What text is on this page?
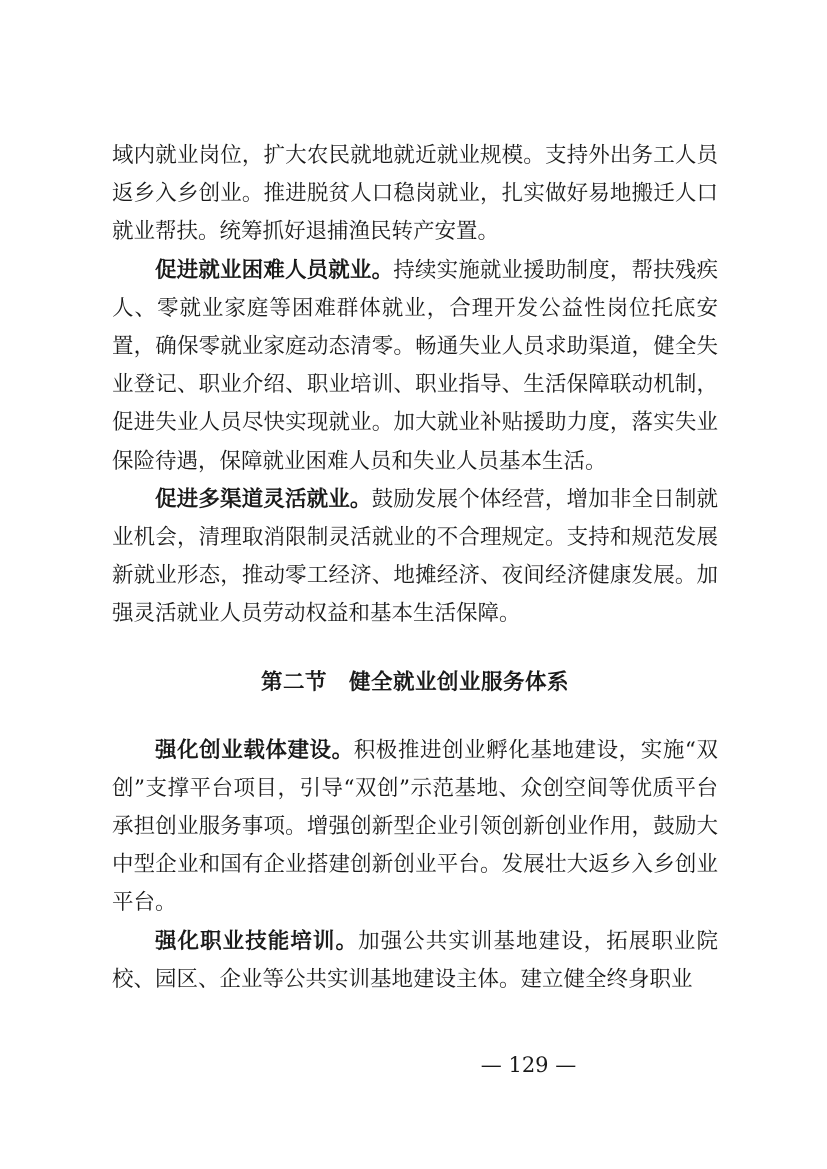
域内就业岗位，扩大农民就地就近就业规模。支持外出务工人员返乡入乡创业。推进脱贫人口稳岗就业，扎实做好易地搬迁人口就业帮扶。统筹抓好退捕渔民转产安置。

促进就业困难人员就业。持续实施就业援助制度，帮扶残疾人、零就业家庭等困难群体就业，合理开发公益性岗位托底安置，确保零就业家庭动态清零。畅通失业人员求助渠道，健全失业登记、职业介绍、职业培训、职业指导、生活保障联动机制，促进失业人员尽快实现就业。加大就业补贴援助力度，落实失业保险待遇，保障就业困难人员和失业人员基本生活。

促进多渠道灵活就业。鼓励发展个体经营，增加非全日制就业机会，清理取消限制灵活就业的不合理规定。支持和规范发展新就业形态，推动零工经济、地摊经济、夜间经济健康发展。加强灵活就业人员劳动权益和基本生活保障。

第二节　健全就业创业服务体系

强化创业载体建设。积极推进创业孵化基地建设，实施“双创”支撑平台项目，引导“双创”示范基地、众创空间等优质平台承担创业服务事项。增强创新型企业引领创新创业作用，鼓励大中型企业和国有企业搭建创新创业平台。发展壮大返乡入乡创业平台。

强化职业技能培训。加强公共实训基地建设，拓展职业院校、园区、企业等公共实训基地建设主体。建立健全终身职业

— 129 —
